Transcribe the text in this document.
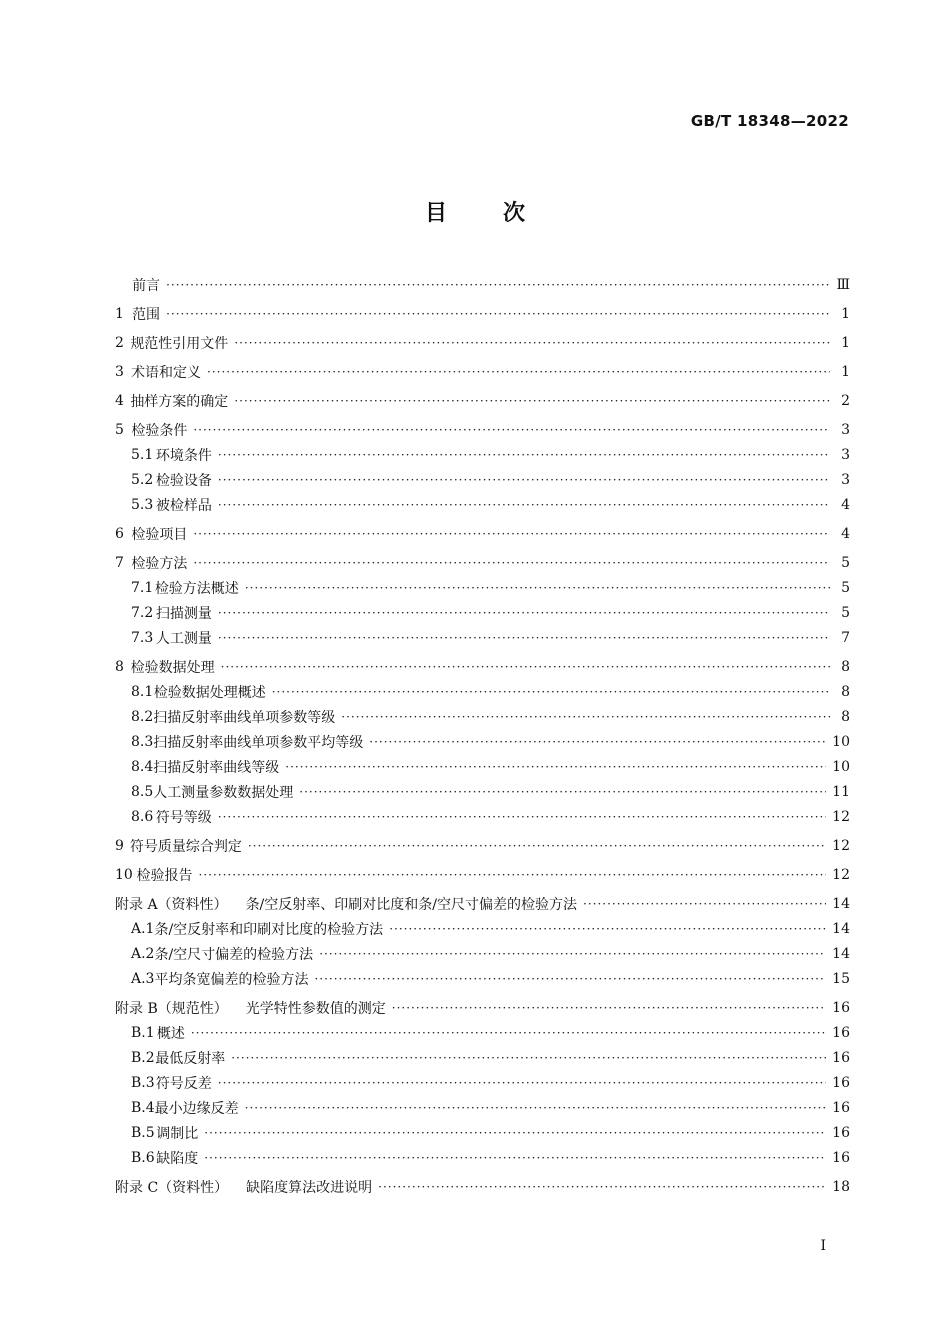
GB/T 18348—2022
目次
前言 ·····	Ⅲ
1 范围 ·····	1
2 规范性引用文件 ·····	1
3 术语和定义 ·····	1
4 抽样方案的确定 ·····	2
5 检验条件 ·····	3
5.1 环境条件 ·····	3
5.2 检验设备 ·····	3
5.3 被检样品 ·····	4
6 检验项目 ·····	4
7 检验方法 ·····	5
7.1 检验方法概述 ·····	5
7.2 扫描测量 ·····	5
7.3 人工测量 ·····	7
8 检验数据处理 ·····	8
8.1 检验数据处理概述 ·····	8
8.2 扫描反射率曲线单项参数等级 ·····	8
8.3 扫描反射率曲线单项参数平均等级 ·····	10
8.4 扫描反射率曲线等级 ·····	10
8.5 人工测量参数数据处理 ·····	11
8.6 符号等级 ·····	12
9 符号质量综合判定 ·····	12
10 检验报告 ·····	12
附录 A（资料性） 条/空反射率、印刷对比度和条/空尺寸偏差的检验方法 ·····	14
A.1 条/空反射率和印刷对比度的检验方法 ·····	14
A.2 条/空尺寸偏差的检验方法 ·····	14
A.3 平均条宽偏差的检验方法 ·····	15
附录 B（规范性） 光学特性参数值的测定 ·····	16
B.1 概述 ·····	16
B.2 最低反射率 ·····	16
B.3 符号反差 ·····	16
B.4 最小边缘反差 ·····	16
B.5 调制比 ·····	16
B.6 缺陷度 ·····	16
附录 C（资料性） 缺陷度算法改进说明 ·····	18
Ⅰ
